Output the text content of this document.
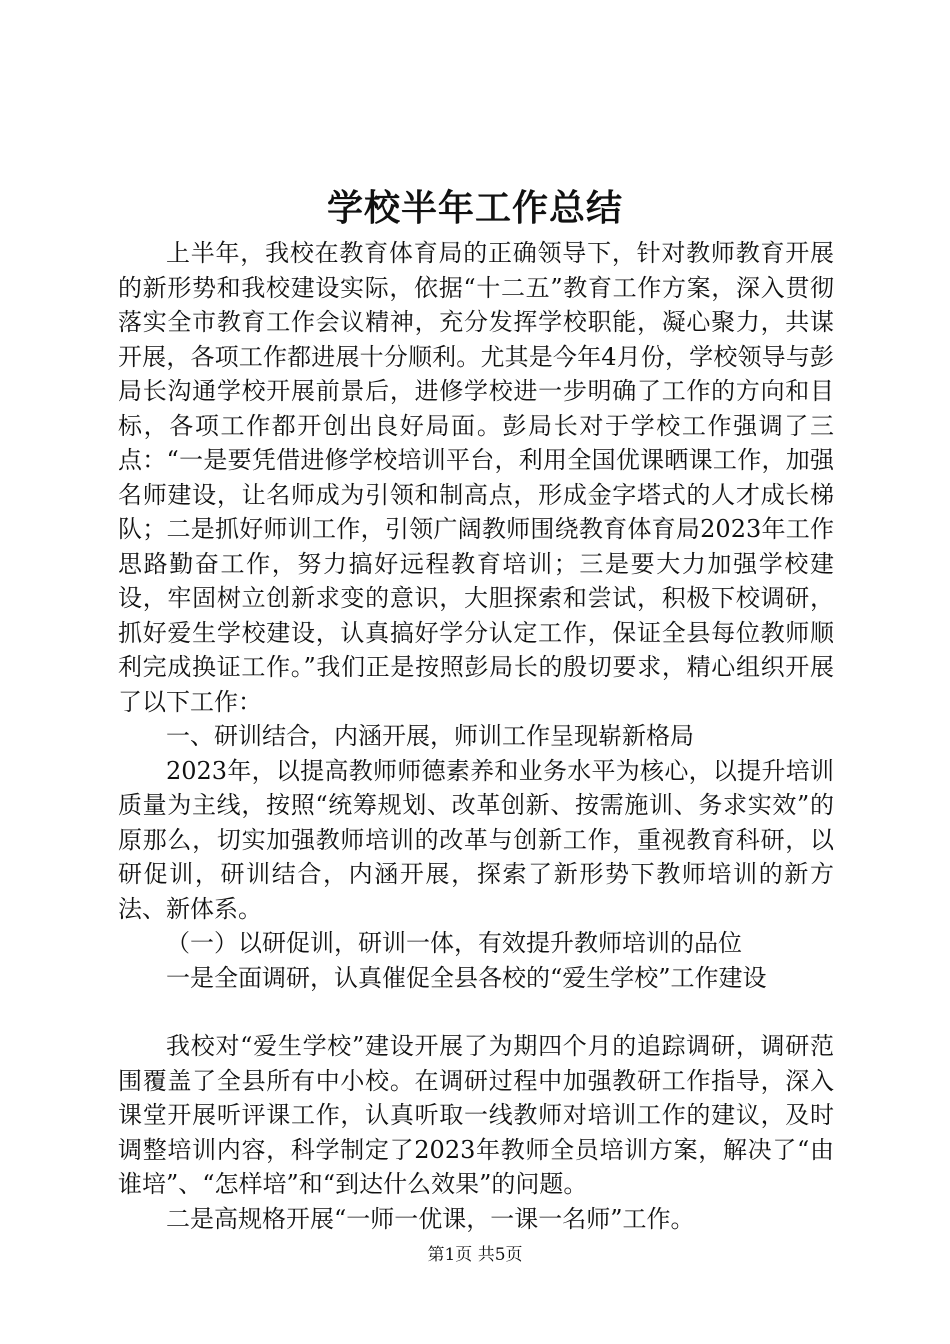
学校半年工作总结

上半年，我校在教育体育局的正确领导下，针对教师教育开展的新形势和我校建设实际，依据“十二五”教育工作方案，深入贯彻落实全市教育工作会议精神，充分发挥学校职能，凝心聚力，共谋开展，各项工作都进展十分顺利。尤其是今年4月份，学校领导与彭局长沟通学校开展前景后，进修学校进一步明确了工作的方向和目标，各项工作都开创出良好局面。彭局长对于学校工作强调了三点：“一是要凭借进修学校培训平台，利用全国优课晒课工作，加强名师建设，让名师成为引领和制高点，形成金字塔式的人才成长梯队；二是抓好师训工作，引领广阔教师围绕教育体育局2023年工作思路勤奋工作，努力搞好远程教育培训；三是要大力加强学校建设，牢固树立创新求变的意识，大胆探索和尝试，积极下校调研，抓好爱生学校建设，认真搞好学分认定工作，保证全县每位教师顺利完成换证工作。”我们正是按照彭局长的殷切要求，精心组织开展了以下工作：

一、研训结合，内涵开展，师训工作呈现崭新格局

2023年，以提高教师师德素养和业务水平为核心，以提升培训质量为主线，按照“统筹规划、改革创新、按需施训、务求实效”的原那么，切实加强教师培训的改革与创新工作，重视教育科研，以研促训，研训结合，内涵开展，探索了新形势下教师培训的新方法、新体系。

（一）以研促训，研训一体，有效提升教师培训的品位

一是全面调研，认真催促全县各校的“爱生学校”工作建设

我校对“爱生学校”建设开展了为期四个月的追踪调研，调研范围覆盖了全县所有中小校。在调研过程中加强教研工作指导，深入课堂开展听评课工作，认真听取一线教师对培训工作的建议，及时调整培训内容，科学制定了2023年教师全员培训方案，解决了“由谁培”、“怎样培”和“到达什么效果”的问题。

二是高规格开展“一师一优课，一课一名师”工作。

第1页 共5页
